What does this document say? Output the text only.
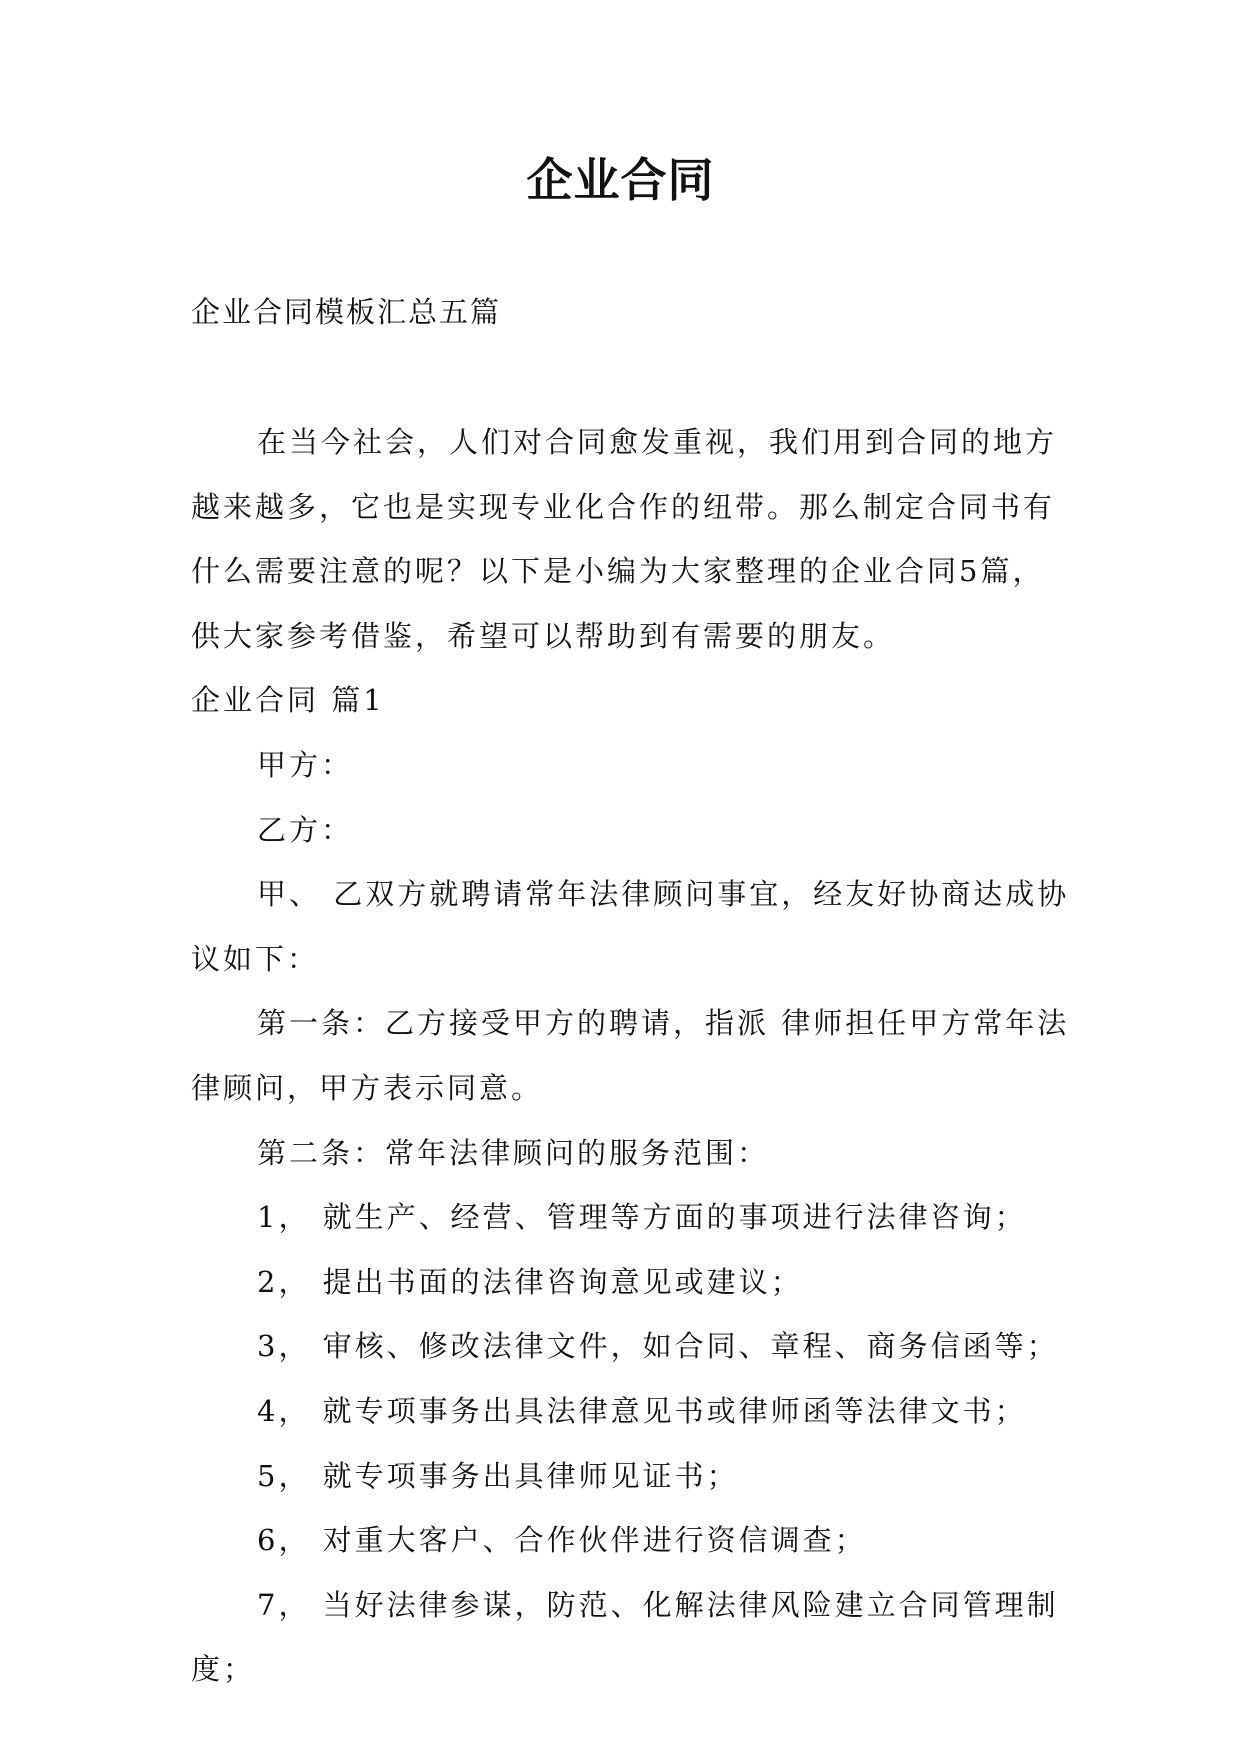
企业合同
企业合同模板汇总五篇

在当今社会，人们对合同愈发重视，我们用到合同的地方越来越多，它也是实现专业化合作的纽带。那么制定合同书有什么需要注意的呢？以下是小编为大家整理的企业合同5篇，供大家参考借鉴，希望可以帮助到有需要的朋友。

企业合同 篇1

甲方：

乙方：

甲、 乙双方就聘请常年法律顾问事宜，经友好协商达成协议如下：

第一条：乙方接受甲方的聘请，指派 律师担任甲方常年法律顾问，甲方表示同意。

第二条：常年法律顾问的服务范围：

1， 就生产、经营、管理等方面的事项进行法律咨询；

2， 提出书面的法律咨询意见或建议；

3， 审核、修改法律文件，如合同、章程、商务信函等；

4， 就专项事务出具法律意见书或律师函等法律文书；

5， 就专项事务出具律师见证书；

6， 对重大客户、合作伙伴进行资信调查；

7， 当好法律参谋，防范、化解法律风险建立合同管理制度；
